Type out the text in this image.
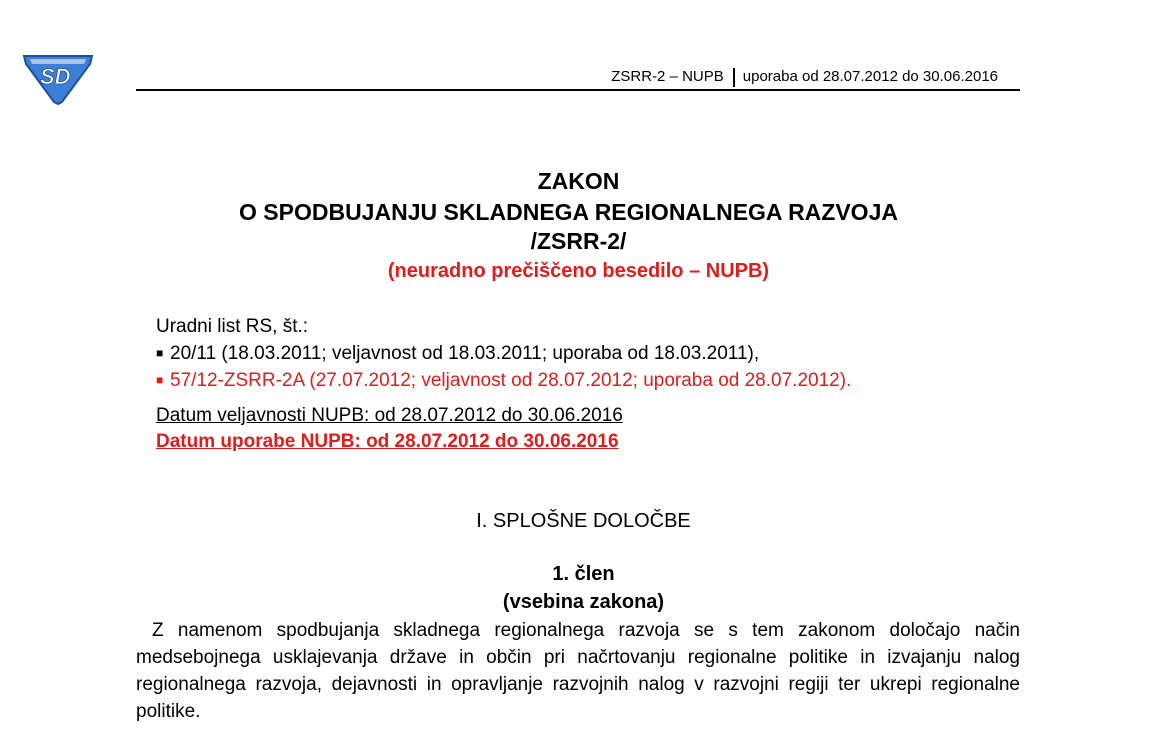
SD	ZSRR-2 – NUPB uporaba od 28.07.2012 do 30.06.2016
ZAKON
O SPODBUJANJU SKLADNEGA REGIONALNEGA RAZVOJA
/ZSRR-2/
(neuradno prečiščeno besedilo – NUPB)
Uradni list RS, št.:
■ 20/11 (18.03.2011; veljavnost od 18.03.2011; uporaba od 18.03.2011),
■ 57/12-ZSRR-2A (27.07.2012; veljavnost od 28.07.2012; uporaba od 28.07.2012).
Datum veljavnosti NUPB: od 28.07.2012 do 30.06.2016
Datum uporabe NUPB: od 28.07.2012 do 30.06.2016
I. SPLOŠNE DOLOČBE
1. člen
(vsebina zakona)
Z namenom spodbujanja skladnega regionalnega razvoja se s tem zakonom določajo način medsebojnega usklajevanja države in občin pri načrtovanju regionalne politike in izvajanju nalog regionalnega razvoja, dejavnosti in opravljanje razvojnih nalog v razvojni regiji ter ukrepi regionalne politike.
